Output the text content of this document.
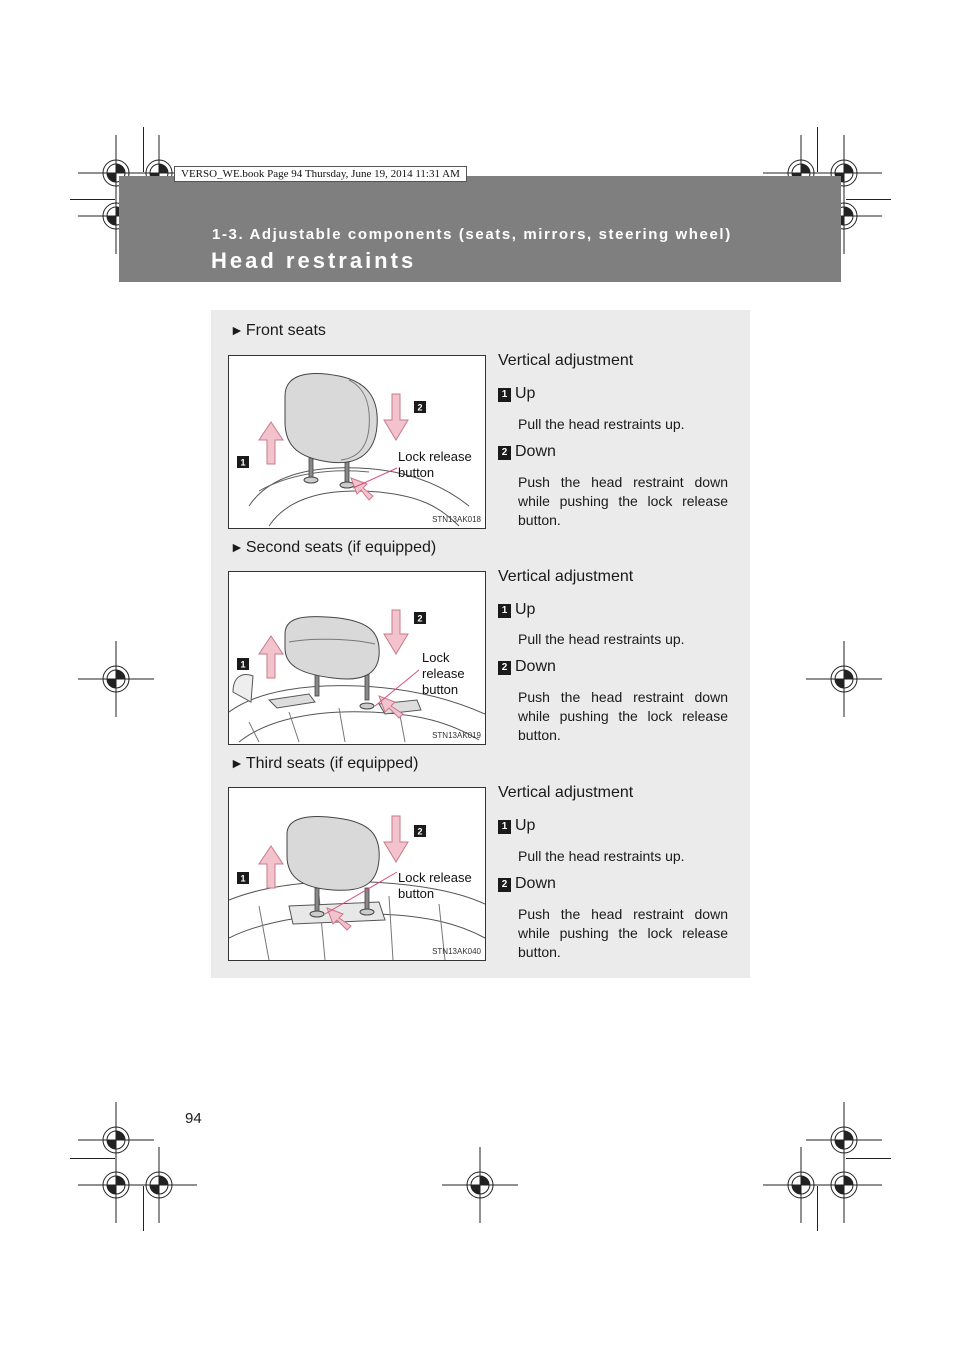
VERSO_WE.book Page 94 Thursday, June 19, 2014 11:31 AM
1-3. Adjustable components (seats, mirrors, steering wheel)
Head restraints
► Front seats
1
2
Lock release
button
STN13AK018
Vertical adjustment
1 Up
Pull the head restraints up.
2 Down
Push the head restraint down while pushing the lock release button.
► Second seats (if equipped)
1
2
Lock
release
button
STN13AK019
Vertical adjustment
1 Up
Pull the head restraints up.
2 Down
Push the head restraint down while pushing the lock release button.
► Third seats (if equipped)
1
2
Lock release
button
STN13AK040
Vertical adjustment
1 Up
Pull the head restraints up.
2 Down
Push the head restraint down while pushing the lock release button.
94
